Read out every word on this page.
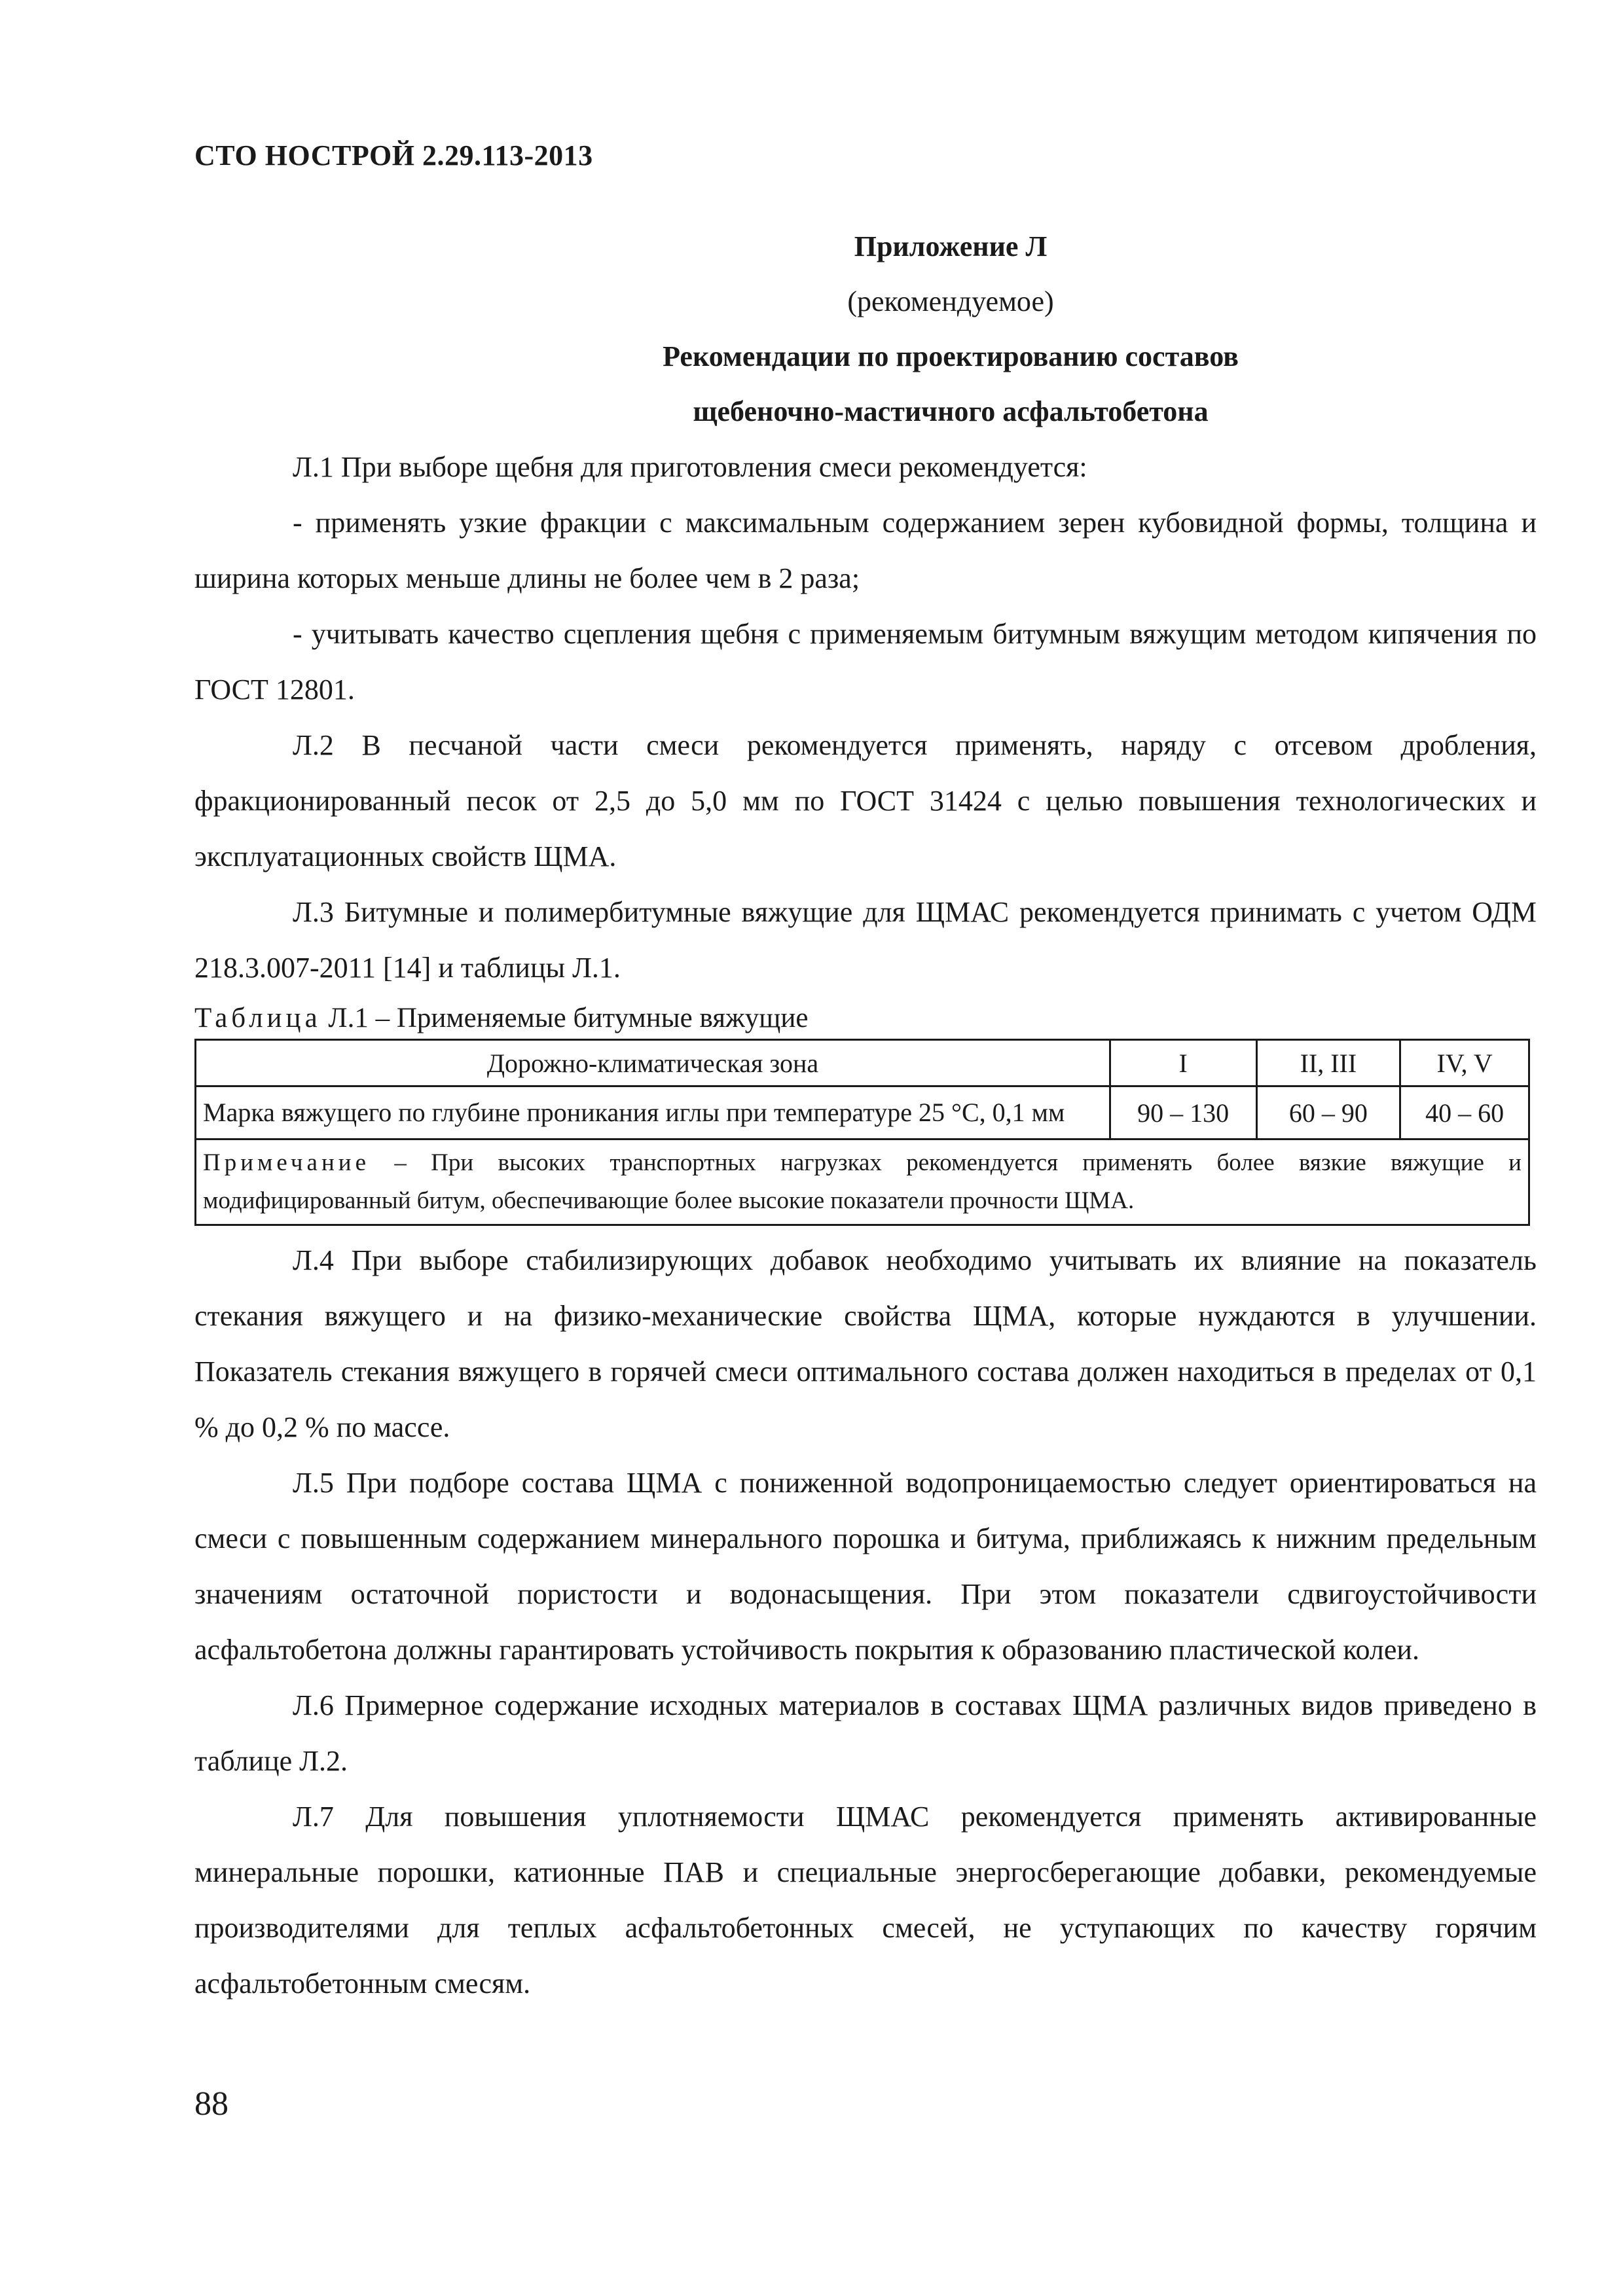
СТО НОСТРОЙ 2.29.113-2013
Приложение Л
(рекомендуемое)
Рекомендации по проектированию составов
щебеночно-мастичного асфальтобетона

Л.1 При выборе щебня для приготовления смеси рекомендуется:

- применять узкие фракции с максимальным содержанием зерен кубовидной формы, толщина и ширина которых меньше длины не более чем в 2 раза;

- учитывать качество сцепления щебня с применяемым битумным вяжущим методом кипячения по ГОСТ 12801.

Л.2 В песчаной части смеси рекомендуется применять, наряду с отсевом дробления, фракционированный песок от 2,5 до 5,0 мм по ГОСТ 31424 с целью повышения технологических и эксплуатационных свойств ЩМА.

Л.3 Битумные и полимербитумные вяжущие для ЩМАС рекомендуется принимать с учетом ОДМ 218.3.007-2011 [14] и таблицы Л.1.

Таблица Л.1 – Применяемые битумные вяжущие
Дорожно-климатическая зона	I	II, III	IV, V
Марка вяжущего по глубине проникания иглы при температуре 25 °С, 0,1 мм	90 – 130	60 – 90	40 – 60
Примечание – При высоких транспортных нагрузках рекомендуется применять более вязкие вяжущие и модифицированный битум, обеспечивающие более высокие показатели прочности ЩМА.			

Л.4 При выборе стабилизирующих добавок необходимо учитывать их влияние на показатель стекания вяжущего и на физико-механические свойства ЩМА, которые нуждаются в улучшении. Показатель стекания вяжущего в горячей смеси оптимального состава должен находиться в пределах от 0,1 % до 0,2 % по массе.

Л.5 При подборе состава ЩМА с пониженной водопроницаемостью следует ориентироваться на смеси с повышенным содержанием минерального порошка и битума, приближаясь к нижним предельным значениям остаточной пористости и водонасыщения. При этом показатели сдвигоустойчивости асфальтобетона должны гарантировать устойчивость покрытия к образованию пластической колеи.

Л.6 Примерное содержание исходных материалов в составах ЩМА различных видов приведено в таблице Л.2.

Л.7 Для повышения уплотняемости ЩМАС рекомендуется применять активированные минеральные порошки, катионные ПАВ и специальные энергосберегающие добавки, рекомендуемые производителями для теплых асфальтобетонных смесей, не уступающих по качеству горячим асфальтобетонным смесям.

88
